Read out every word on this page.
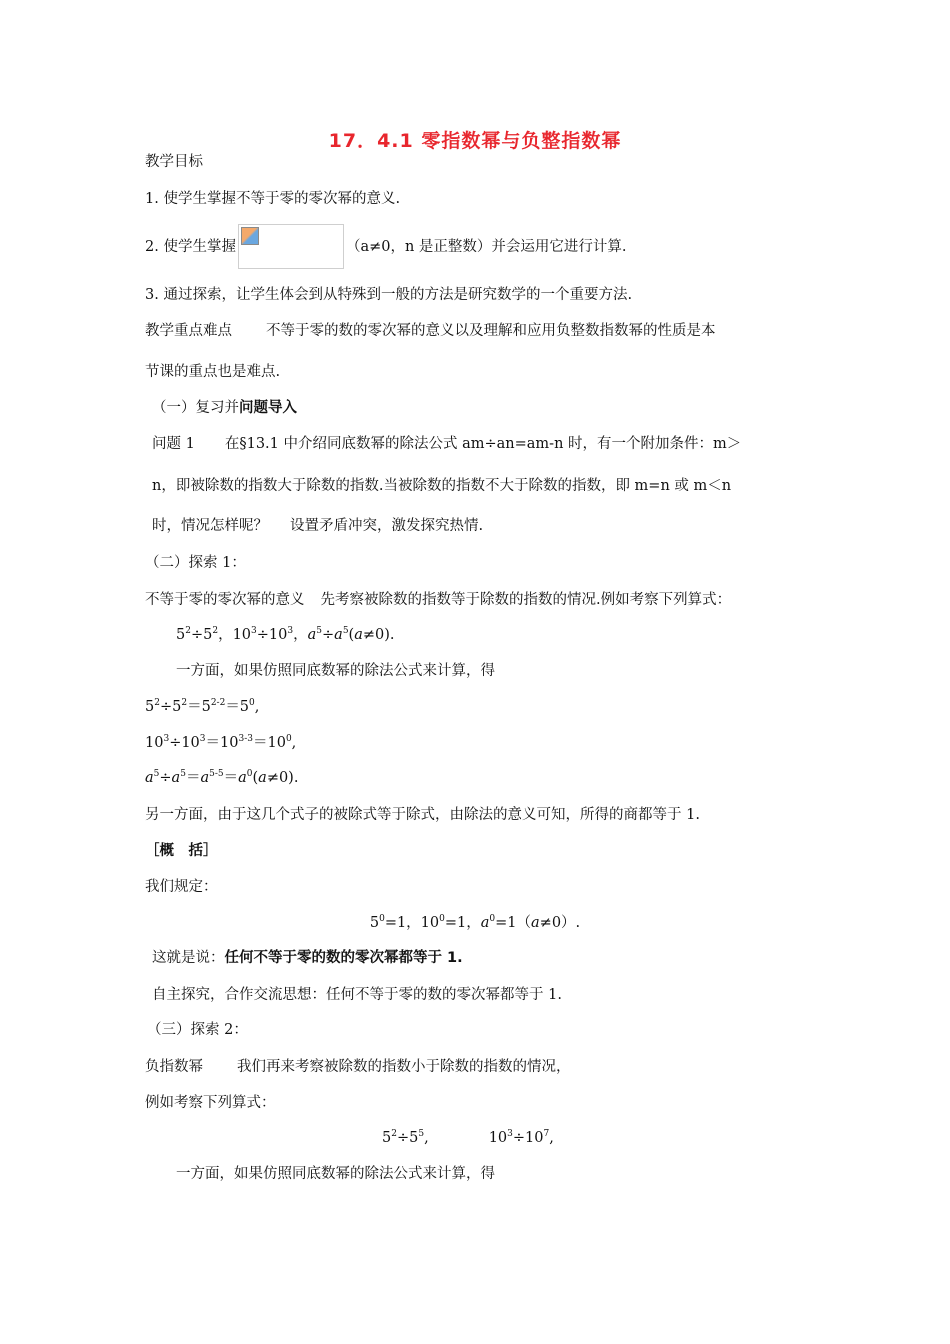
17．4.1 零指数幂与负整指数幂
教学目标
1. 使学生掌握不等于零的零次幂的意义.
2. 使学生掌握	（a≠0，n 是正整数）并会运用它进行计算.
3. 通过探索，让学生体会到从特殊到一般的方法是研究数学的一个重要方法.
教学重点难点 不等于零的数的零次幂的意义以及理解和应用负整数指数幂的性质是本
节课的重点也是难点.
（一）复习并问题导入
问题 1 在§13.1 中介绍同底数幂的除法公式 am÷an=am-n 时，有一个附加条件：m＞
n，即被除数的指数大于除数的指数.当被除数的指数不大于除数的指数，即 m=n 或 m＜n
时，情况怎样呢？ 设置矛盾冲突，激发探究热情.
（二）探索 1：
不等于零的零次幂的意义 先考察被除数的指数等于除数的指数的情况.例如考察下列算式：
$5^2\div 5^2$，$10^3\div 10^3$，$a^5\div a^5(a\ne 0)$.
一方面，如果仿照同底数幂的除法公式来计算，得
$5^2\div 5^2=5^{2-2}=5^0$,
$10^3\div 10^3=10^{3-3}=10^0$,
$a^5\div a^5=a^{5-5}=a^0(a\ne 0)$.
另一方面，由于这几个式子的被除式等于除式，由除法的意义可知，所得的商都等于 1.
［概　括］
我们规定：
$5^0=1$，$10^0=1$，$a^0=1(a\ne 0)$.
这就是说：任何不等于零的数的零次幂都等于 1.
自主探究，合作交流思想：任何不等于零的数的零次幂都等于 1.
（三）探索 2：
负指数幂 我们再来考察被除数的指数小于除数的指数的情况，
例如考察下列算式：
$5^2\div 5^5$,	$10^3\div 10^7$,
一方面，如果仿照同底数幂的除法公式来计算，得
